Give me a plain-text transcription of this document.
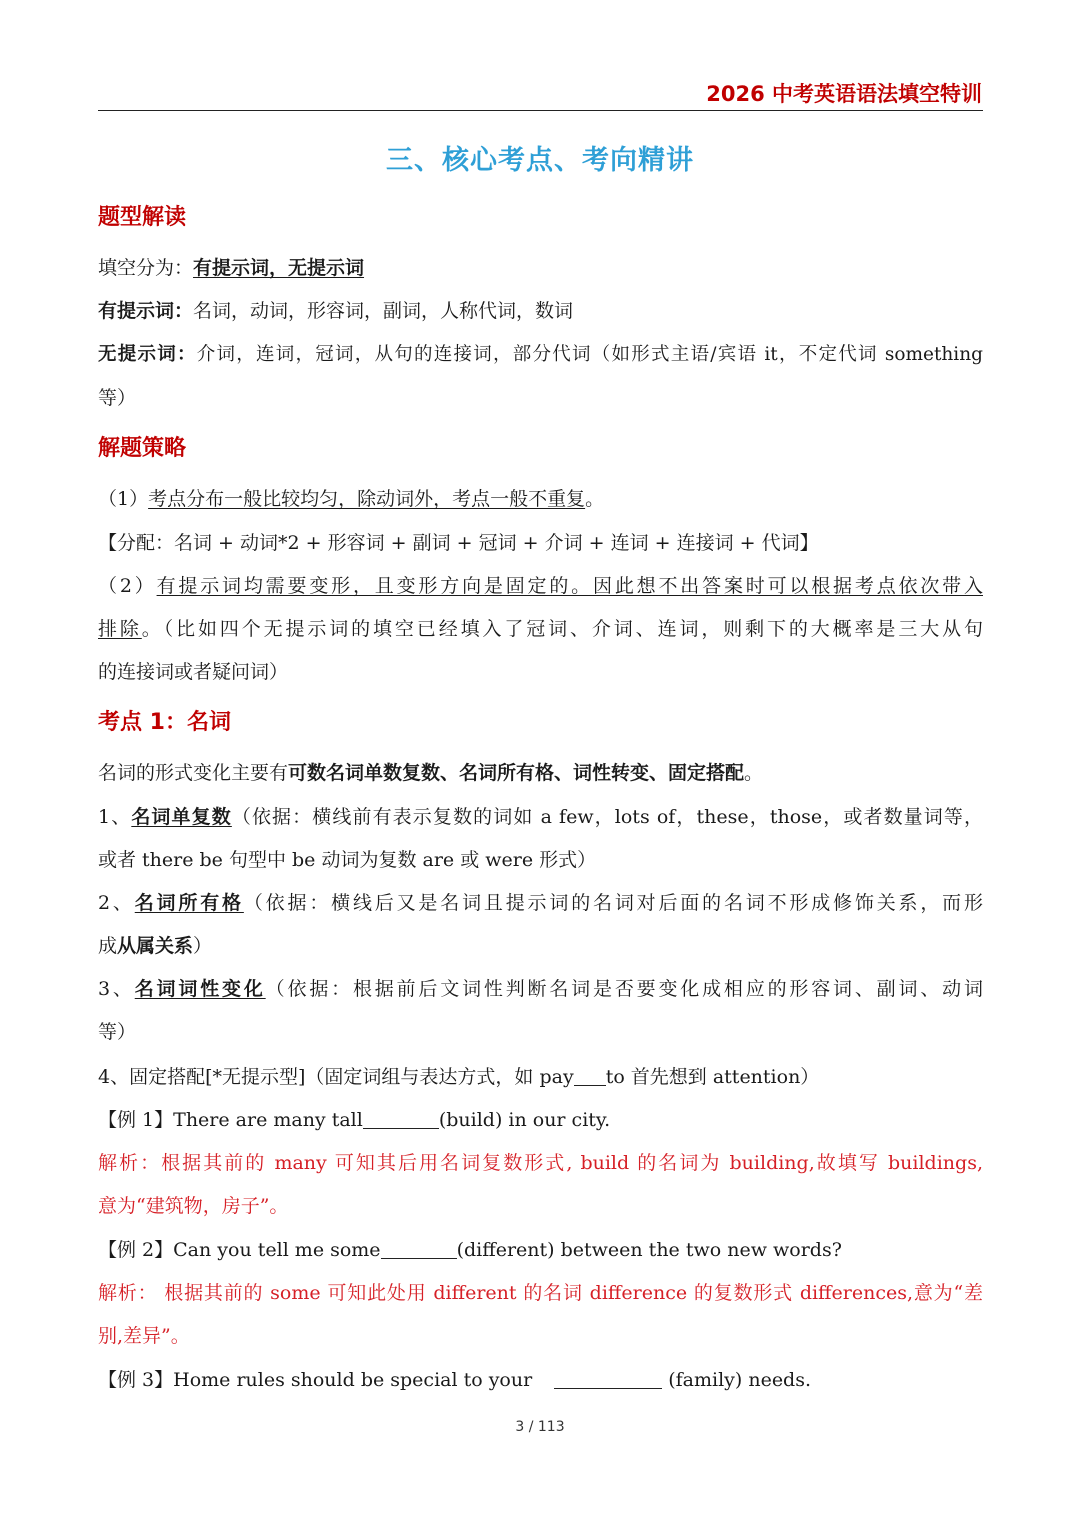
2026 中考英语语法填空特训
三、核心考点、考向精讲
题型解读
填空分为：有提示词，无提示词
有提示词：名词，动词，形容词，副词，人称代词，数词
无提示词：介词，连词，冠词，从句的连接词，部分代词（如形式主语/宾语 it，不定代词 something
等）
解题策略
（1）考点分布一般比较均匀，除动词外，考点一般不重复。
【分配：名词 + 动词*2 + 形容词 + 副词 + 冠词 + 介词 + 连词 + 连接词 + 代词】
（2）有提示词均需要变形，且变形方向是固定的。因此想不出答案时可以根据考点依次带入
排除。（比如四个无提示词的填空已经填入了冠词、介词、连词，则剩下的大概率是三大从句
的连接词或者疑问词）
考点 1：名词
名词的形式变化主要有可数名词单数复数、名词所有格、词性转变、固定搭配。
1、名词单复数（依据：横线前有表示复数的词如 a few，lots of，these，those，或者数量词等，
或者 there be 句型中 be 动词为复数 are 或 were 形式）
2、名词所有格（依据：横线后又是名词且提示词的名词对后面的名词不形成修饰关系，而形
成从属关系）
3、名词词性变化（依据：根据前后文词性判断名词是否要变化成相应的形容词、副词、动词
等）
4、固定搭配[*无提示型]（固定词组与表达方式，如 pay to 首先想到 attention）
【例 1】There are many tall	(build) in our city.
解析：根据其前的 many 可知其后用名词复数形式, build 的名词为 building,故填写 buildings,
意为“建筑物，房子”。
【例 2】Can you tell me some	(different) between the two new words?
解析： 根据其前的 some 可知此处用 different 的名词 difference 的复数形式 differences,意为“差
别,差异”。
【例 3】Home rules should be special to your	(family) needs.
3 / 113
